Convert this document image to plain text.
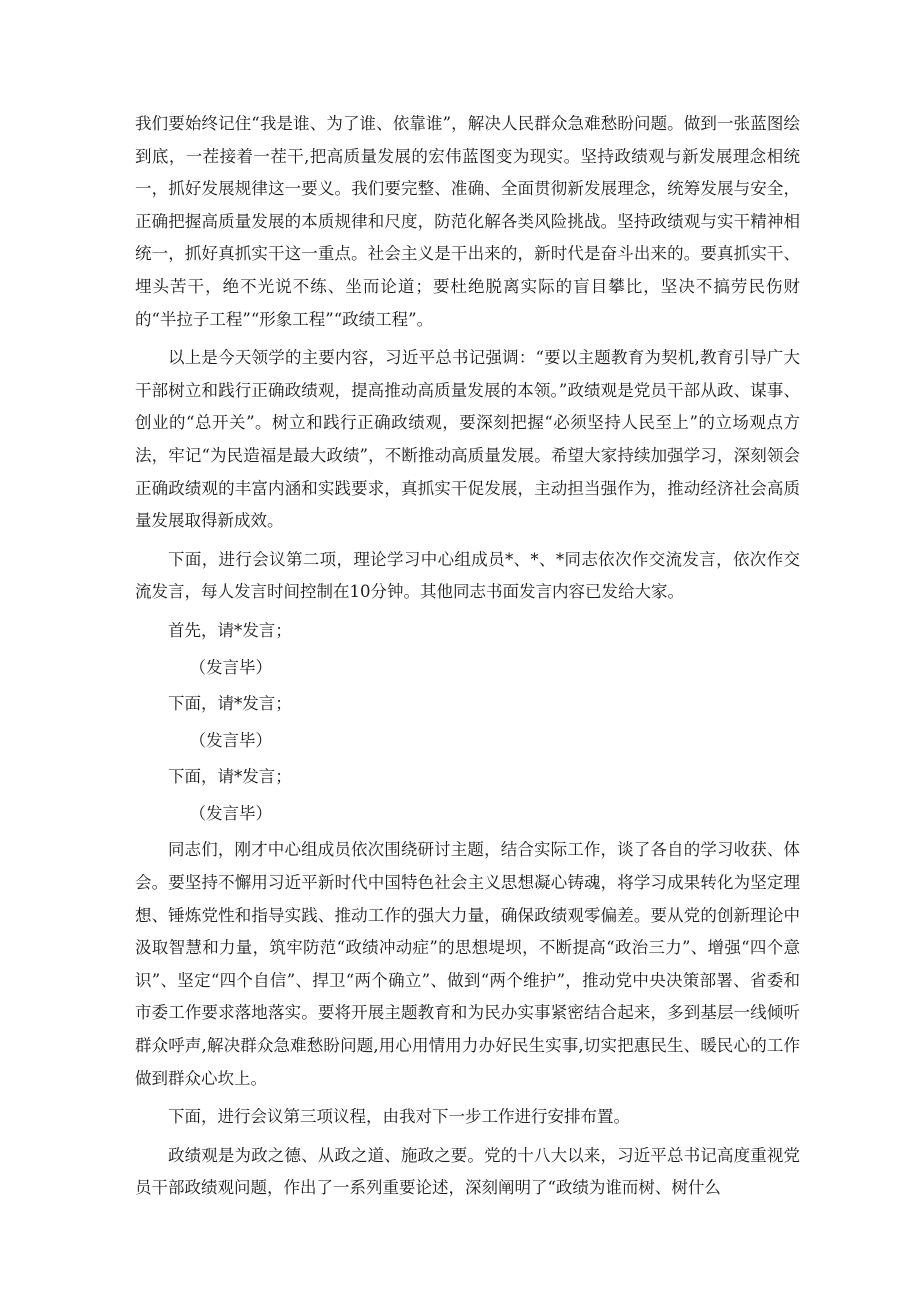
我们要始终记住“我是谁、为了谁、依靠谁”，解决人民群众急难愁盼问题。做到一张蓝图绘到底，一茬接着一茬干,把高质量发展的宏伟蓝图变为现实。坚持政绩观与新发展理念相统一，抓好发展规律这一要义。我们要完整、准确、全面贯彻新发展理念，统筹发展与安全，正确把握高质量发展的本质规律和尺度，防范化解各类风险挑战。坚持政绩观与实干精神相统一，抓好真抓实干这一重点。社会主义是干出来的，新时代是奋斗出来的。要真抓实干、埋头苦干，绝不光说不练、坐而论道；要杜绝脱离实际的盲目攀比，坚决不搞劳民伤财的“半拉子工程”“形象工程”“政绩工程”。

以上是今天领学的主要内容，习近平总书记强调：“要以主题教育为契机,教育引导广大干部树立和践行正确政绩观，提高推动高质量发展的本领。”政绩观是党员干部从政、谋事、创业的“总开关”。树立和践行正确政绩观，要深刻把握“必须坚持人民至上”的立场观点方法，牢记“为民造福是最大政绩”，不断推动高质量发展。希望大家持续加强学习，深刻领会正确政绩观的丰富内涵和实践要求，真抓实干促发展，主动担当强作为，推动经济社会高质量发展取得新成效。

下面，进行会议第二项，理论学习中心组成员*、*、*同志依次作交流发言，依次作交流发言，每人发言时间控制在10分钟。其他同志书面发言内容已发给大家。

首先，请*发言；

（发言毕）

下面，请*发言；

（发言毕）

下面，请*发言；

（发言毕）

同志们，刚才中心组成员依次围绕研讨主题，结合实际工作，谈了各自的学习收获、体会。要坚持不懈用习近平新时代中国特色社会主义思想凝心铸魂，将学习成果转化为坚定理想、锤炼党性和指导实践、推动工作的强大力量，确保政绩观零偏差。要从党的创新理论中汲取智慧和力量，筑牢防范“政绩冲动症”的思想堤坝，不断提高“政治三力”、增强“四个意识”、坚定“四个自信”、捍卫“两个确立”、做到“两个维护”，推动党中央决策部署、省委和市委工作要求落地落实。要将开展主题教育和为民办实事紧密结合起来，多到基层一线倾听群众呼声,解决群众急难愁盼问题,用心用情用力办好民生实事,切实把惠民生、暖民心的工作做到群众心坎上。

下面，进行会议第三项议程，由我对下一步工作进行安排布置。

政绩观是为政之德、从政之道、施政之要。党的十八大以来，习近平总书记高度重视党员干部政绩观问题，作出了一系列重要论述，深刻阐明了“政绩为谁而树、树什么
